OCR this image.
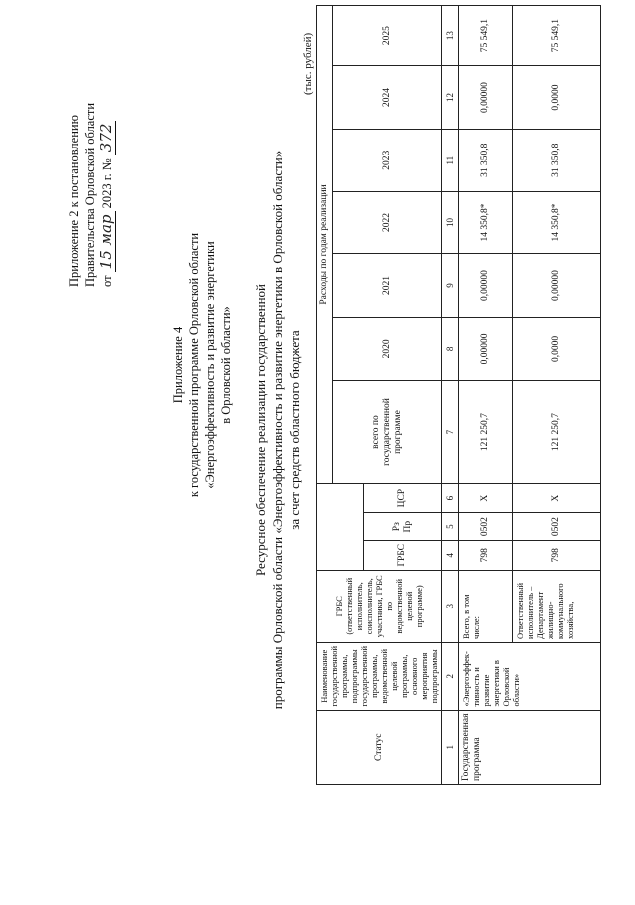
Приложение 2 к постановлению Правительства Орловской области от 15 мар 2023 г. № 372
Приложение 4 к государственной программе Орловской области «Энергоэффективность и развитие энергетики в Орловской области» Ресурсное обеспечение реализации государственной программы Орловской области «Энергоэффективность и развитие энергетики в Орловской области» за счет средств областного бюджета
(тыс. рублей)
Статус	Наименование государственной программы, подпрограммы государственной программы, ведомственной целевой программы, основного мероприятия подпрограммы	ГРБС (ответственный исполнитель, соисполнитель, участники, ГРБС по ведомственной целевой программе)				Расходы по годам реализации						
						всего по государственной программе	2020	2021	2022	2023	2024	2025
			ГРБС	Рз Пр	ЦСР							
1	2	3	4	5	6	7	8	9	10	11	12	13
Государственная программа	«Энергоэффек- тивность и развитие энергетики в Орловской области»	Всего, в том числе:	798	0502	X	121 250,7	0,00000	0,00000	14 350,8*	31 350,8	0,00000	75 549,1
		Ответственный исполнитель – Департамент жилищно- коммунального хозяйства,	798	0502	X	121 250,7	0,0000	0,00000	14 350,8*	31 350,8	0,0000	75 549,1
